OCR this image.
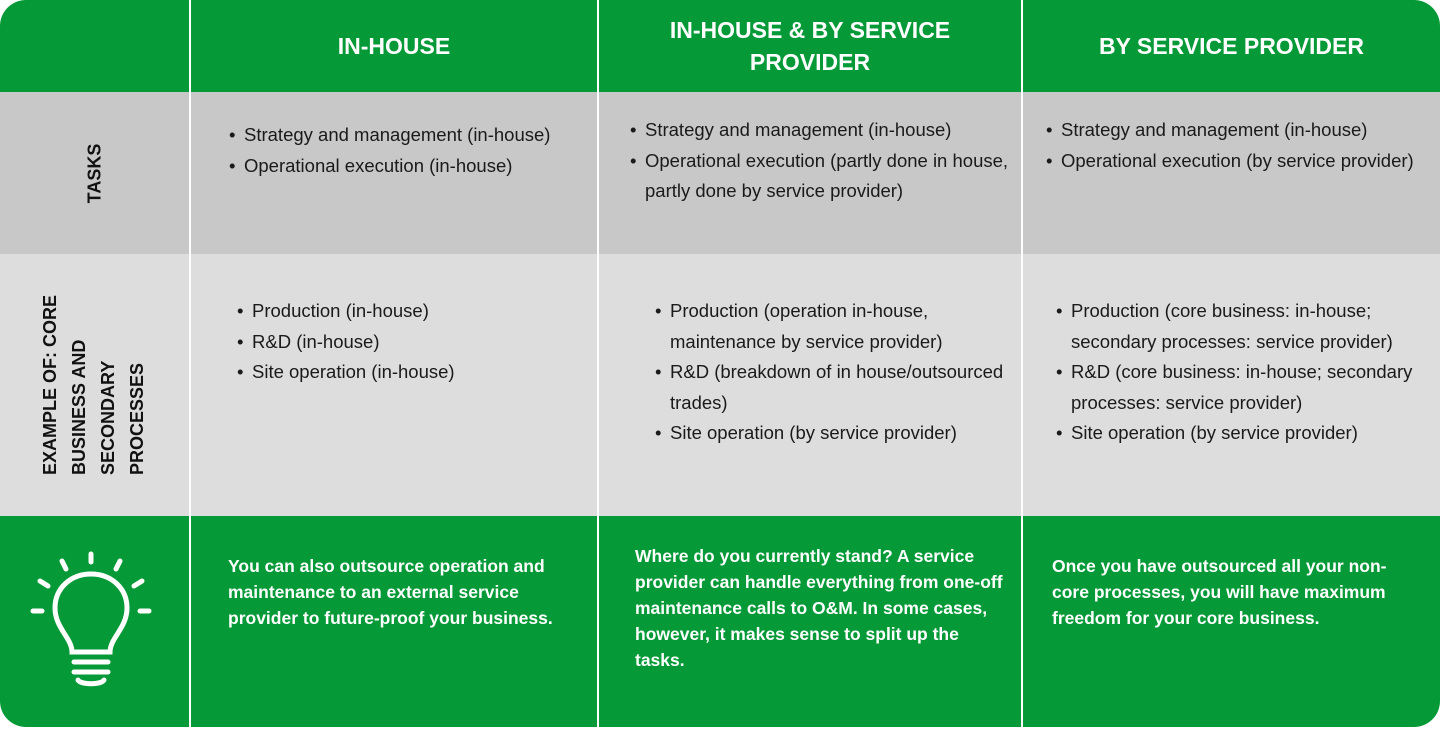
IN-HOUSE
IN-HOUSE & BY SERVICE PROVIDER
BY SERVICE PROVIDER
TASKS
EXAMPLE OF: CORE BUSINESS AND SECONDARY PROCESSES
• Strategy and management (in-house)
• Operational execution (in-house)
• Strategy and management (in-house)
• Operational execution (partly done in house, partly done by service provider)
• Strategy and management (in-house)
• Operational execution (by service provider)
• Production (in-house)
• R&D (in-house)
• Site operation (in-house)
• Production (operation in-house, maintenance by service provider)
• R&D (breakdown of in house/outsourced trades)
• Site operation (by service provider)
• Production (core business: in-house; secondary processes: service provider)
• R&D (core business: in-house; secondary processes: service provider)
• Site operation (by service provider)
You can also outsource operation and maintenance to an external service provider to future-proof your business.
Where do you currently stand? A service provider can handle everything from one-off maintenance calls to O&M. In some cases, however, it makes sense to split up the tasks.
Once you have outsourced all your non-core processes, you will have maximum freedom for your core business.
